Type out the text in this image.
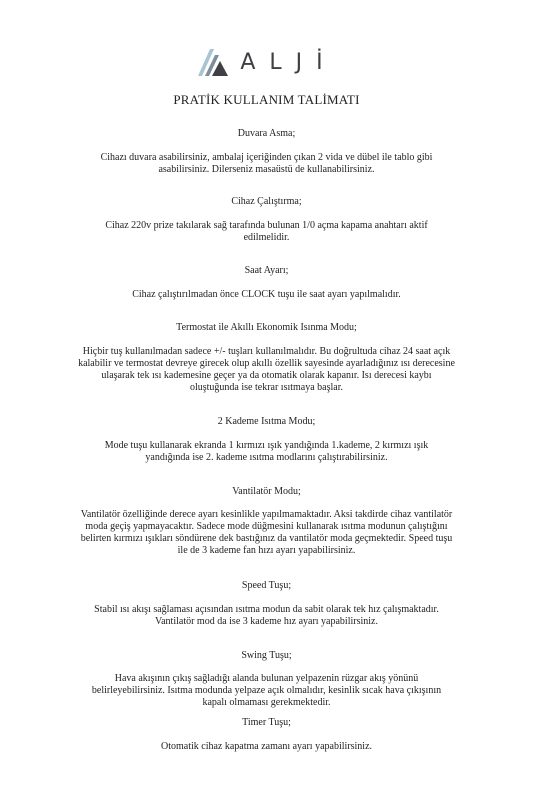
ALJİ
PRATİK KULLANIM TALİMATI
Duvara Asma;
Cihazı duvara asabilirsiniz, ambalaj içeriğinden çıkan 2 vida ve dübel ile tablo gibi asabilirsiniz. Dilerseniz masaüstü de kullanabilirsiniz.
Cihaz Çalıştırma;
Cihaz 220v prize takılarak sağ tarafında bulunan 1/0 açma kapama anahtarı aktif edilmelidir.
Saat Ayarı;
Cihaz çalıştırılmadan önce CLOCK tuşu ile saat ayarı yapılmalıdır.
Termostat ile Akıllı Ekonomik Isınma Modu;
Hiçbir tuş kullanılmadan sadece +/- tuşları kullanılmalıdır. Bu doğrultuda cihaz 24 saat açık kalabilir ve termostat devreye girecek olup akıllı özellik sayesinde ayarladığınız ısı derecesine ulaşarak tek ısı kademesine geçer ya da otomatik olarak kapanır. Isı derecesi kaybı oluştuğunda ise tekrar ısıtmaya başlar.
2 Kademe Isıtma Modu;
Mode tuşu kullanarak ekranda 1 kırmızı ışık yandığında 1.kademe, 2 kırmızı ışık yandığında ise 2. kademe ısıtma modlarını çalıştırabilirsiniz.
Vantilatör Modu;
Vantilatör özelliğinde derece ayarı kesinlikle yapılmamaktadır. Aksi takdirde cihaz vantilatör moda geçiş yapmayacaktır. Sadece mode düğmesini kullanarak ısıtma modunun çalıştığını belirten kırmızı ışıkları söndürene dek bastığınız da vantilatör moda geçmektedir. Speed tuşu ile de 3 kademe fan hızı ayarı yapabilirsiniz.
Speed Tuşu;
Stabil ısı akışı sağlaması açısından ısıtma modun da sabit olarak tek hız çalışmaktadır. Vantilatör mod da ise 3 kademe hız ayarı yapabilirsiniz.
Swing Tuşu;
Hava akışının çıkış sağladığı alanda bulunan yelpazenin rüzgar akış yönünü belirleyebilirsiniz. Isıtma modunda yelpaze açık olmalıdır, kesinlik sıcak hava çıkışının kapalı olmaması gerekmektedir.
Timer Tuşu;
Otomatik cihaz kapatma zamanı ayarı yapabilirsiniz.
